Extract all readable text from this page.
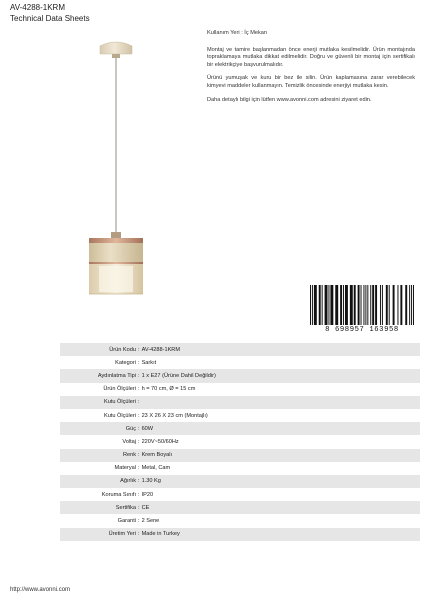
AV-4288-1KRM
Technical Data Sheets

Kullanım Yeri : İç Mekan

Montaj ve tamire başlanmadan önce enerji mutlaka kesilmelidir. Ürün montajında topraklamaya mutlaka dikkat edilmelidir. Doğru ve güvenli bir montaj için sertifikalı bir elektrikçiye başvurulmalıdır.

Ürünü yumuşak ve kuru bir bez ile silin. Ürün kaplamasına zarar verebilecek kimyevi maddeler kullanmayın. Temizlik öncesinde enerjiyi mutlaka kesin.

Daha detaylı bilgi için lütfen www.avonni.com adresini ziyaret edin.

8 698957 163958
Ürün Kodu : AV-4288-1KRM
Kategori : Sarkıt
Aydınlatma Tipi : 1 x E27 (Ürüne Dahil Değildir)
Ürün Ölçüleri : h = 70 cm, Ø = 15 cm
Kutu Ölçüleri :
Kutu Ölçüleri : 23 X 26 X 23 cm (Montajlı)
Güç : 60W
Voltaj : 220V~50/60Hz
Renk : Krem Boyalı
Materyal : Metal, Cam
Ağırlık : 1.30 Kg
Koruma Sınıfı : IP20
Sertifika : CE
Garanti : 2 Sene
Üretim Yeri : Made in Turkey
http://www.avonni.com
